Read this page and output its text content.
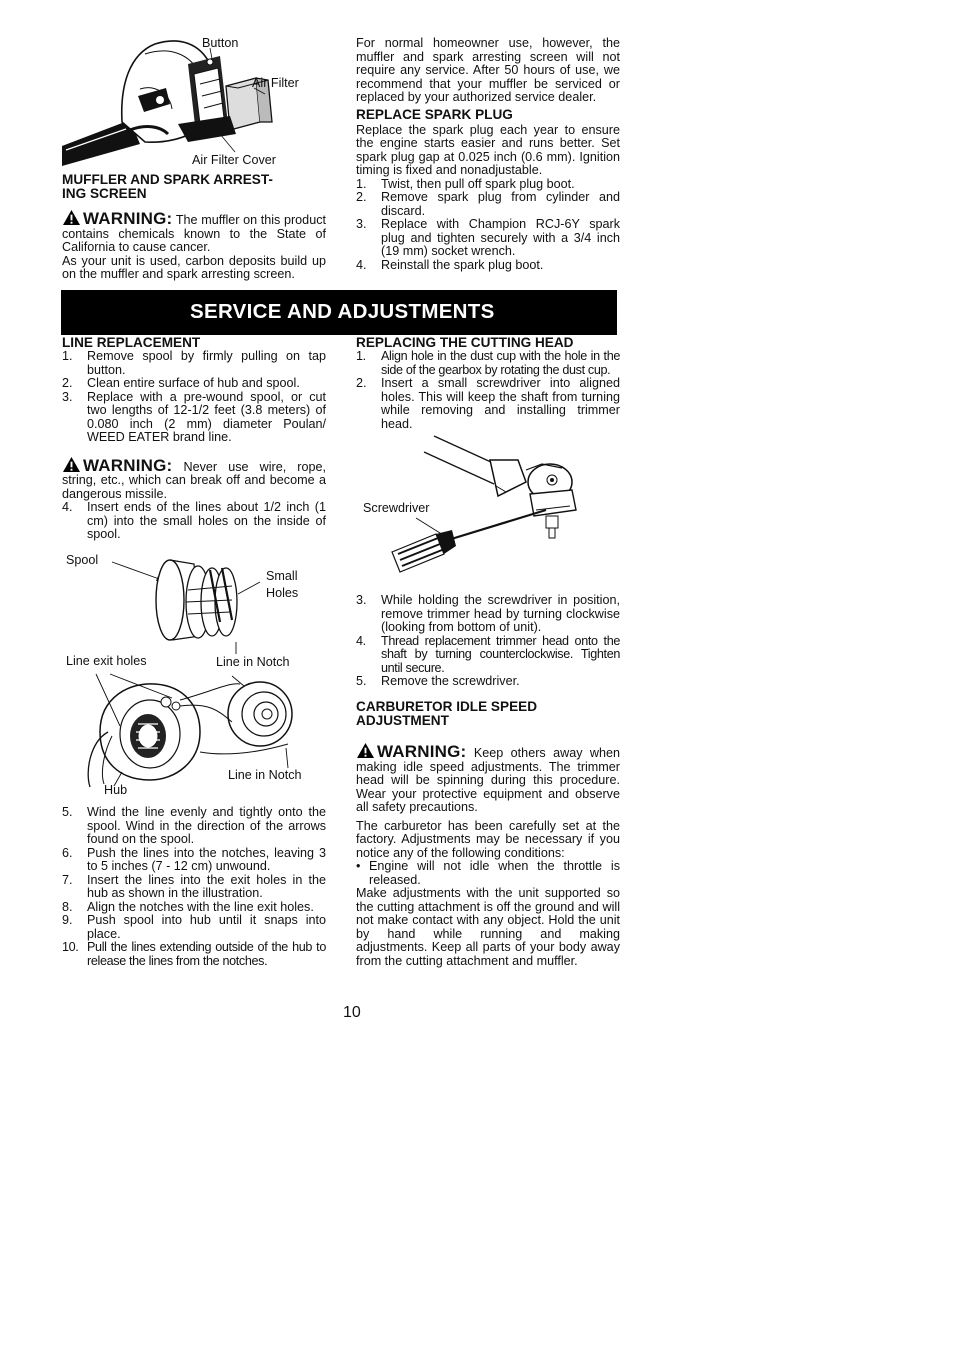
Button
Air Filter
Air Filter Cover

MUFFLER AND SPARK ARREST-
ING SCREEN

WARNING: The muffler on this product contains chemicals known to the State of California to cause cancer.

As your unit is used, carbon deposits build up on the muffler and spark arresting screen.

For normal homeowner use, however, the muffler and spark arresting screen will not require any service. After 50 hours of use, we recommend that your muffler be serviced or replaced by your authorized service dealer.

REPLACE SPARK PLUG

Replace the spark plug each year to ensure the engine starts easier and runs better. Set spark plug gap at 0.025 inch (0.6 mm). Ignition timing is fixed and nonadjustable.

1. Twist, then pull off spark plug boot.
2. Remove spark plug from cylinder and discard.
3. Replace with Champion RCJ-6Y spark plug and tighten securely with a 3/4 inch (19 mm) socket wrench.
4. Reinstall the spark plug boot.
SERVICE AND ADJUSTMENTS

LINE REPLACEMENT

1. Remove spool by firmly pulling on tap button.
2. Clean entire surface of hub and spool.
3. Replace with a pre-wound spool, or cut two lengths of 12-1/2 feet (3.8 meters) of 0.080 inch (2 mm) diameter Poulan/ WEED EATER brand line.

WARNING: Never use wire, rope, string, etc., which can break off and become a dangerous missile.

4. Insert ends of the lines about 1/2 inch (1 cm) into the small holes on the inside of spool.
Spool
Small
Holes
Line exit holes	Line in Notch
Line in Notch
Hub
5. Wind the line evenly and tightly onto the spool. Wind in the direction of the arrows found on the spool.
6. Push the lines into the notches, leaving 3 to 5 inches (7 - 12 cm) unwound.
7. Insert the lines into the exit holes in the hub as shown in the illustration.
8. Align the notches with the line exit holes.
9. Push spool into hub until it snaps into place.
10. Pull the lines extending outside of the hub to release the lines from the notches.

REPLACING THE CUTTING HEAD

1. Align hole in the dust cup with the hole in the side of the gearbox by rotating the dust cup.
2. Insert a small screwdriver into aligned holes. This will keep the shaft from turning while removing and installing trimmer head.
Screwdriver
3. While holding the screwdriver in position, remove trimmer head by turning clockwise (looking from bottom of unit).
4. Thread replacement trimmer head onto the shaft by turning counterclockwise. Tighten until secure.
5. Remove the screwdriver.

CARBURETOR IDLE SPEED
ADJUSTMENT

WARNING: Keep others away when making idle speed adjustments. The trimmer head will be spinning during this procedure. Wear your protective equipment and observe all safety precautions.

The carburetor has been carefully set at the factory. Adjustments may be necessary if you notice any of the following conditions:

• Engine will not idle when the throttle is released.

Make adjustments with the unit supported so the cutting attachment is off the ground and will not make contact with any object. Hold the unit by hand while running and making adjustments. Keep all parts of your body away from the cutting attachment and muffler.

10
